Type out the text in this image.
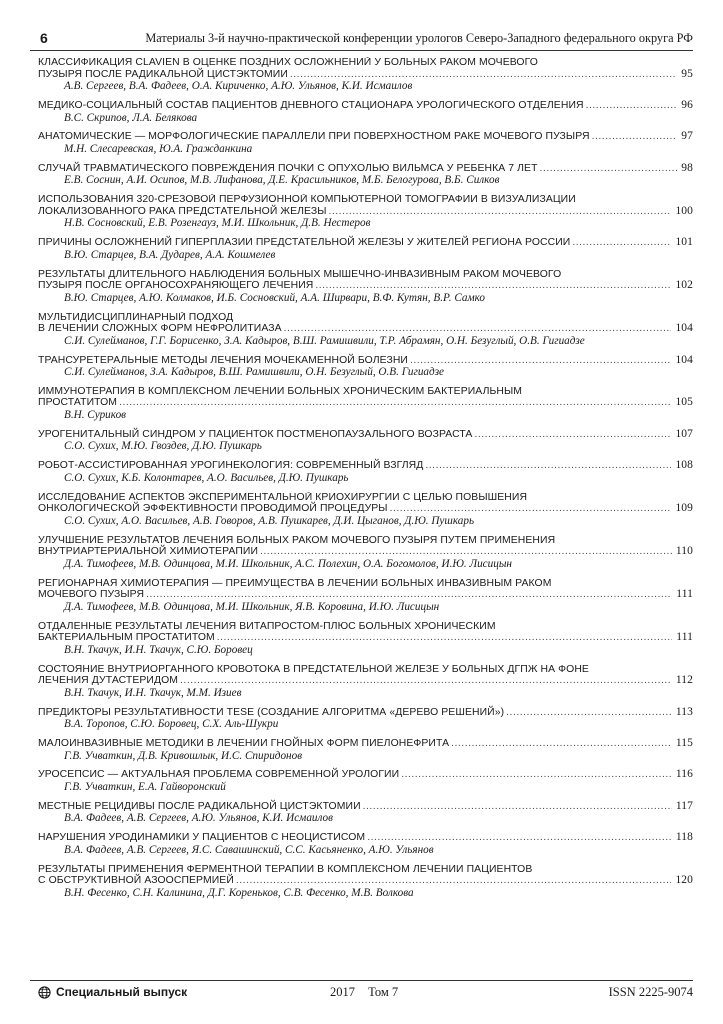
6	Материалы 3-й научно-практической конференции урологов Северо-Западного федерального округа РФ
КЛАССИФИКАЦИЯ CLAVIEN В ОЦЕНКЕ ПОЗДНИХ ОСЛОЖНЕНИЙ У БОЛЬНЫХ РАКОМ МОЧЕВОГО
ПУЗЫРЯ ПОСЛЕ РАДИКАЛЬНОЙ ЦИСТЭКТОМИИ .....	95
А.В. Сергеев, В.А. Фадеев, О.А. Кириченко, А.Ю. Ульянов, К.И. Исмаилов
МЕДИКО-СОЦИАЛЬНЫЙ СОСТАВ ПАЦИЕНТОВ ДНЕВНОГО СТАЦИОНАРА УРОЛОГИЧЕСКОГО ОТДЕЛЕНИЯ .....	96
В.С. Скрипов, Л.А. Белякова
АНАТОМИЧЕСКИЕ — МОРФОЛОГИЧЕСКИЕ ПАРАЛЛЕЛИ ПРИ ПОВЕРХНОСТНОМ РАКЕ МОЧЕВОГО ПУЗЫРЯ .....	97
М.Н. Слесаревская, Ю.А. Гражданкина
СЛУЧАЙ ТРАВМАТИЧЕСКОГО ПОВРЕЖДЕНИЯ ПОЧКИ С ОПУХОЛЬЮ ВИЛЬМСА У РЕБЕНКА 7 ЛЕТ .....	98
Е.В. Соснин, А.И. Осипов, М.В. Лифанова, Д.Е. Красильников, М.Б. Белогурова, В.Б. Силков
ИСПОЛЬЗОВАНИЯ 320-СРЕЗОВОЙ ПЕРФУЗИОННОЙ КОМПЬЮТЕРНОЙ ТОМОГРАФИИ В ВИЗУАЛИЗАЦИИ
ЛОКАЛИЗОВАННОГО РАКА ПРЕДСТАТЕЛЬНОЙ ЖЕЛЕЗЫ .....	100
Н.В. Сосновский, Е.В. Розенгауз, М.И. Школьник, Д.В. Нестеров
ПРИЧИНЫ ОСЛОЖНЕНИЙ ГИПЕРПЛАЗИИ ПРЕДСТАТЕЛЬНОЙ ЖЕЛЕЗЫ У ЖИТЕЛЕЙ РЕГИОНА РОССИИ .....	101
В.Ю. Старцев, В.А. Дударев, А.А. Кошмелев
РЕЗУЛЬТАТЫ ДЛИТЕЛЬНОГО НАБЛЮДЕНИЯ БОЛЬНЫХ МЫШЕЧНО-ИНВАЗИВНЫМ РАКОМ МОЧЕВОГО
ПУЗЫРЯ ПОСЛЕ ОРГАНОСОХРАНЯЮЩЕГО ЛЕЧЕНИЯ .....	102
В.Ю. Старцев, А.Ю. Колмаков, И.Б. Сосновский, А.А. Ширвари, В.Ф. Кутян, В.Р. Самко
МУЛЬТИДИСЦИПЛИНАРНЫЙ ПОДХОД
В ЛЕЧЕНИИ СЛОЖНЫХ ФОРМ НЕФРОЛИТИАЗА .....	104
С.И. Сулейманов, Г.Г. Борисенко, З.А. Кадыров, В.Ш. Рамишвили, Т.Р. Абрамян, О.Н. Безуглый, О.В. Гигиадзе
ТРАНСУРЕТЕРАЛЬНЫЕ МЕТОДЫ ЛЕЧЕНИЯ МОЧЕКАМЕННОЙ БОЛЕЗНИ .....	104
С.И. Сулейманов, З.А. Кадыров, В.Ш. Рамишвили, О.Н. Безуглый, О.В. Гигиадзе
ИММУНОТЕРАПИЯ В КОМПЛЕКСНОМ ЛЕЧЕНИИ БОЛЬНЫХ ХРОНИЧЕСКИМ БАКТЕРИАЛЬНЫМ
ПРОСТАТИТОМ .....	105
В.Н. Суриков
УРОГЕНИТАЛЬНЫЙ СИНДРОМ У ПАЦИЕНТОК ПОСТМЕНОПАУЗАЛЬНОГО ВОЗРАСТА .....	107
С.О. Сухих, М.Ю. Гвоздев, Д.Ю. Пушкарь
РОБОТ-АССИСТИРОВАННАЯ УРОГИНЕКОЛОГИЯ: СОВРЕМЕННЫЙ ВЗГЛЯД .....	108
С.О. Сухих, К.Б. Колонтарев, А.О. Васильев, Д.Ю. Пушкарь
ИССЛЕДОВАНИЕ АСПЕКТОВ ЭКСПЕРИМЕНТАЛЬНОЙ КРИОХИРУРГИИ С ЦЕЛЬЮ ПОВЫШЕНИЯ
ОНКОЛОГИЧЕСКОЙ ЭФФЕКТИВНОСТИ ПРОВОДИМОЙ ПРОЦЕДУРЫ .....	109
С.О. Сухих, А.О. Васильев, А.В. Говоров, А.В. Пушкарев, Д.И. Цыганов, Д.Ю. Пушкарь
УЛУЧШЕНИЕ РЕЗУЛЬТАТОВ ЛЕЧЕНИЯ БОЛЬНЫХ РАКОМ МОЧЕВОГО ПУЗЫРЯ ПУТЕМ ПРИМЕНЕНИЯ
ВНУТРИАРТЕРИАЛЬНОЙ ХИМИОТЕРАПИИ .....	110
Д.А. Тимофеев, М.В. Одинцова, М.И. Школьник, А.С. Полехин, О.А. Богомолов, И.Ю. Лисицын
РЕГИОНАРНАЯ ХИМИОТЕРАПИЯ — ПРЕИМУЩЕСТВА В ЛЕЧЕНИИ БОЛЬНЫХ ИНВАЗИВНЫМ РАКОМ
МОЧЕВОГО ПУЗЫРЯ .....	111
Д.А. Тимофеев, М.В. Одинцова, М.И. Школьник, Я.В. Коровина, И.Ю. Лисицын
ОТДАЛЕННЫЕ РЕЗУЛЬТАТЫ ЛЕЧЕНИЯ ВИТАПРОСТОМ-ПЛЮС БОЛЬНЫХ ХРОНИЧЕСКИМ
БАКТЕРИАЛЬНЫМ ПРОСТАТИТОМ .....	111
В.Н. Ткачук, И.Н. Ткачук, С.Ю. Боровец
СОСТОЯНИЕ ВНУТРИОРГАННОГО КРОВОТОКА В ПРЕДСТАТЕЛЬНОЙ ЖЕЛЕЗЕ У БОЛЬНЫХ ДГПЖ НА ФОНЕ
ЛЕЧЕНИЯ ДУТАСТЕРИДОМ .....	112
В.Н. Ткачук, И.Н. Ткачук, М.М. Изиев
ПРЕДИКТОРЫ РЕЗУЛЬТАТИВНОСТИ TESE (СОЗДАНИЕ АЛГОРИТМА «ДЕРЕВО РЕШЕНИЙ») .....	113
В.А. Торопов, С.Ю. Боровец, С.Х. Аль-Шукри
МАЛОИНВАЗИВНЫЕ МЕТОДИКИ В ЛЕЧЕНИИ ГНОЙНЫХ ФОРМ ПИЕЛОНЕФРИТА .....	115
Г.В. Учваткин, Д.В. Кривошлык, И.С. Спиридонов
УРОСЕПСИС — АКТУАЛЬНАЯ ПРОБЛЕМА СОВРЕМЕННОЙ УРОЛОГИИ .....	116
Г.В. Учваткин, Е.А. Гайворонский
МЕСТНЫЕ РЕЦИДИВЫ ПОСЛЕ РАДИКАЛЬНОЙ ЦИСТЭКТОМИИ .....	117
В.А. Фадеев, А.В. Сергеев, А.Ю. Ульянов, К.И. Исмаилов
НАРУШЕНИЯ УРОДИНАМИКИ У ПАЦИЕНТОВ С НЕОЦИСТИСОМ .....	118
В.А. Фадеев, А.В. Сергеев, Я.С. Савашинский, С.С. Касьяненко, А.Ю. Ульянов
РЕЗУЛЬТАТЫ ПРИМЕНЕНИЯ ФЕРМЕНТНОЙ ТЕРАПИИ В КОМПЛЕКСНОМ ЛЕЧЕНИИ ПАЦИЕНТОВ
С ОБСТРУКТИВНОЙ АЗООСПЕРМИЕЙ .....	120
В.Н. Фесенко, С.Н. Калинина, Д.Г. Кореньков, С.В. Фесенко, М.В. Волкова
Специальный выпуск	2017 Том 7	ISSN 2225-9074
